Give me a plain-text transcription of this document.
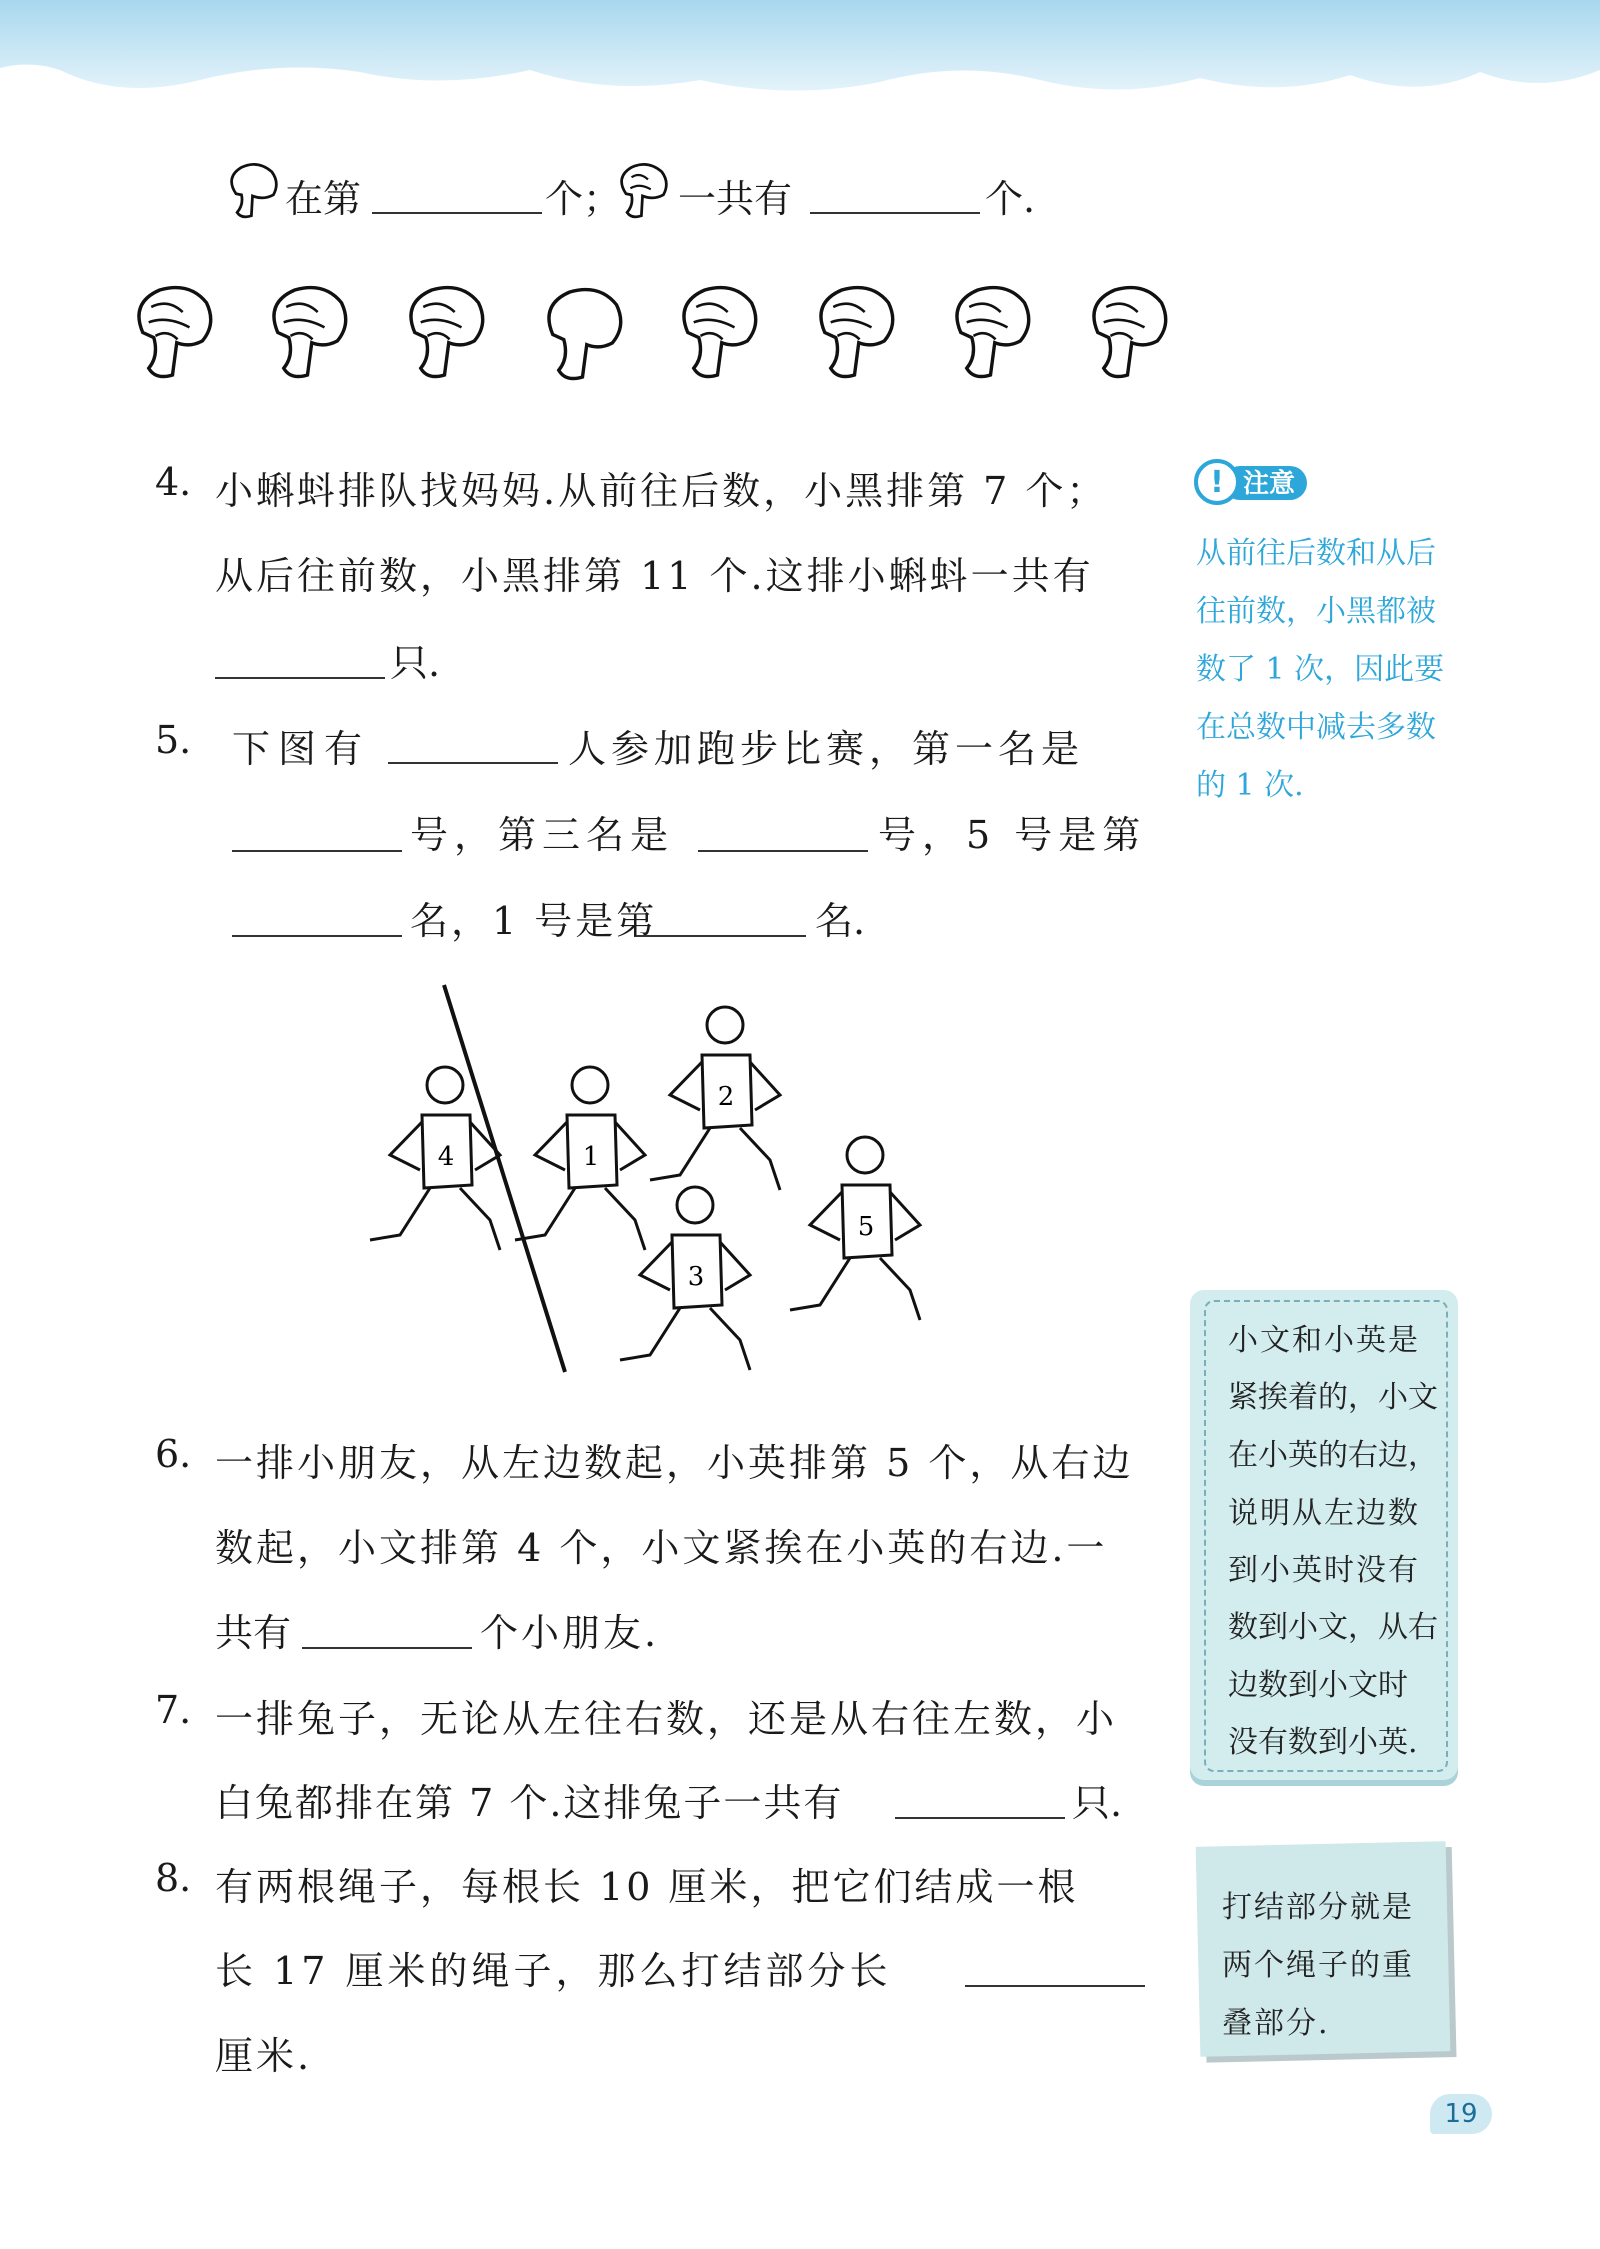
在第	个； 一共有	个.
4. 小蝌蚪排队找妈妈.从前往后数，小黑排第 7 个；
从后往前数，小黑排第 11 个.这排小蝌蚪一共有
只.
5. 下图有	人参加跑步比赛，第一名是
号，第三名是	号，5 号是第
名，1 号是第	名.
4	1
2
3
5
6. 一排小朋友，从左边数起，小英排第 5 个，从右边
数起，小文排第 4 个，小文紧挨在小英的右边.一
共有	个小朋友.
7. 一排兔子，无论从左往右数，还是从右往左数，小
白兔都排在第 7 个.这排兔子一共有	只.
8. 有两根绳子，每根长 10 厘米，把它们结成一根
长 17 厘米的绳子，那么打结部分长
厘米.
! 注意
从前往后数和从后
往前数，小黑都被
数了 1 次，因此要
在总数中减去多数
的 1 次.
小文和小英是
紧挨着的，小文
在小英的右边，
说明从左边数
到小英时没有
数到小文，从右
边数到小文时
没有数到小英.
打结部分就是
两个绳子的重
叠部分.
19
